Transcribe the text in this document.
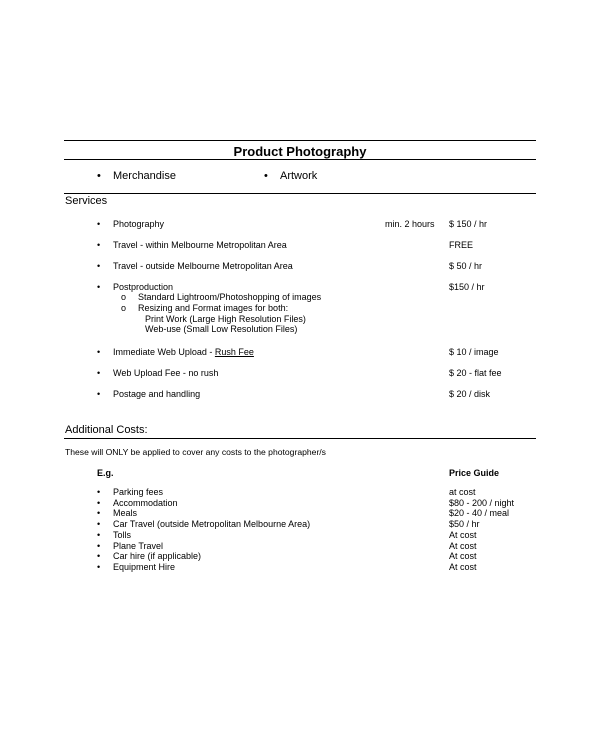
Product Photography
• Merchandise	• Artwork
Services
• Photography	min. 2 hours $ 150 / hr
• Travel - within Melbourne Metropolitan Area	FREE
• Travel - outside Melbourne Metropolitan Area	$ 50 / hr
• Postproduction	$150 / hr
o Standard Lightroom/Photoshopping of images
o Resizing and Format images for both:
Print Work (Large High Resolution Files)
Web-use (Small Low Resolution Files)
• Immediate Web Upload - Rush Fee	$ 10 / image
• Web Upload Fee - no rush	$ 20 - flat fee
• Postage and handling	$ 20 / disk
Additional Costs:
These will ONLY be applied to cover any costs to the photographer/s
E.g.	Price Guide
• Parking fees	at cost
• Accommodation	$80 - 200 / night
• Meals	$20 - 40 / meal
• Car Travel (outside Metropolitan Melbourne Area)	$50 / hr
• Tolls	At cost
• Plane Travel	At cost
• Car hire (if applicable)	At cost
• Equipment Hire	At cost
